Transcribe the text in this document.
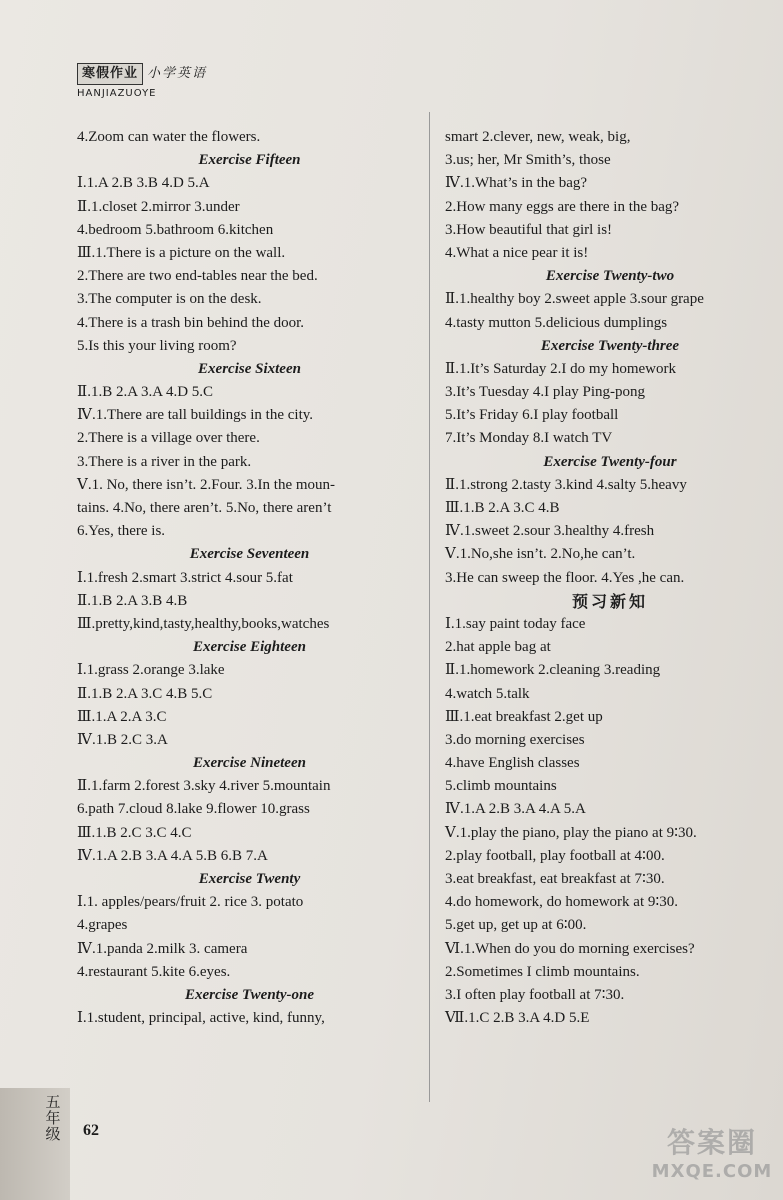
寒假作业 小学英语
HANJIAZUOYE
4.Zoom can water the flowers.
Exercise Fifteen
Ⅰ.1.A 2.B 3.B 4.D 5.A
Ⅱ.1.closet 2.mirror 3.under
4.bedroom 5.bathroom 6.kitchen
Ⅲ.1.There is a picture on the wall.
2.There are two end-tables near the bed.
3.The computer is on the desk.
4.There is a trash bin behind the door.
5.Is this your living room?
Exercise Sixteen
Ⅱ.1.B 2.A 3.A 4.D 5.C
Ⅳ.1.There are tall buildings in the city.
2.There is a village over there.
3.There is a river in the park.
Ⅴ.1. No, there isn’t. 2.Four. 3.In the moun-
tains. 4.No, there aren’t. 5.No, there aren’t
6.Yes, there is.
Exercise Seventeen
Ⅰ.1.fresh 2.smart 3.strict 4.sour 5.fat
Ⅱ.1.B 2.A 3.B 4.B
Ⅲ.pretty,kind,tasty,healthy,books,watches
Exercise Eighteen
Ⅰ.1.grass 2.orange 3.lake
Ⅱ.1.B 2.A 3.C 4.B 5.C
Ⅲ.1.A 2.A 3.C
Ⅳ.1.B 2.C 3.A
Exercise Nineteen
Ⅱ.1.farm 2.forest 3.sky 4.river 5.mountain
6.path 7.cloud 8.lake 9.flower 10.grass
Ⅲ.1.B 2.C 3.C 4.C
Ⅳ.1.A 2.B 3.A 4.A 5.B 6.B 7.A
Exercise Twenty
Ⅰ.1. apples/pears/fruit 2. rice 3. potato
4.grapes
Ⅳ.1.panda 2.milk 3. camera
4.restaurant 5.kite 6.eyes.
Exercise Twenty-one
Ⅰ.1.student, principal, active, kind, funny,
smart 2.clever, new, weak, big,
3.us; her, Mr Smith’s, those
Ⅳ.1.What’s in the bag?
2.How many eggs are there in the bag?
3.How beautiful that girl is!
4.What a nice pear it is!
Exercise Twenty-two
Ⅱ.1.healthy boy 2.sweet apple 3.sour grape
4.tasty mutton 5.delicious dumplings
Exercise Twenty-three
Ⅱ.1.It’s Saturday 2.I do my homework
3.It’s Tuesday 4.I play Ping-pong
5.It’s Friday 6.I play football
7.It’s Monday 8.I watch TV
Exercise Twenty-four
Ⅱ.1.strong 2.tasty 3.kind 4.salty 5.heavy
Ⅲ.1.B 2.A 3.C 4.B
Ⅳ.1.sweet 2.sour 3.healthy 4.fresh
Ⅴ.1.No,she isn’t. 2.No,he can’t.
3.He can sweep the floor. 4.Yes ,he can.
预习新知
Ⅰ.1.say paint today face
2.hat apple bag at
Ⅱ.1.homework 2.cleaning 3.reading
4.watch 5.talk
Ⅲ.1.eat breakfast 2.get up
3.do morning exercises
4.have English classes
5.climb mountains
Ⅳ.1.A 2.B 3.A 4.A 5.A
Ⅴ.1.play the piano, play the piano at 9∶30.
2.play football, play football at 4∶00.
3.eat breakfast, eat breakfast at 7∶30.
4.do homework, do homework at 9∶30.
5.get up, get up at 6∶00.
Ⅵ.1.When do you do morning exercises?
2.Sometimes I climb mountains.
3.I often play football at 7∶30.
Ⅶ.1.C 2.B 3.A 4.D 5.E
五
年
级 62	答案圈
MXQE.COM
